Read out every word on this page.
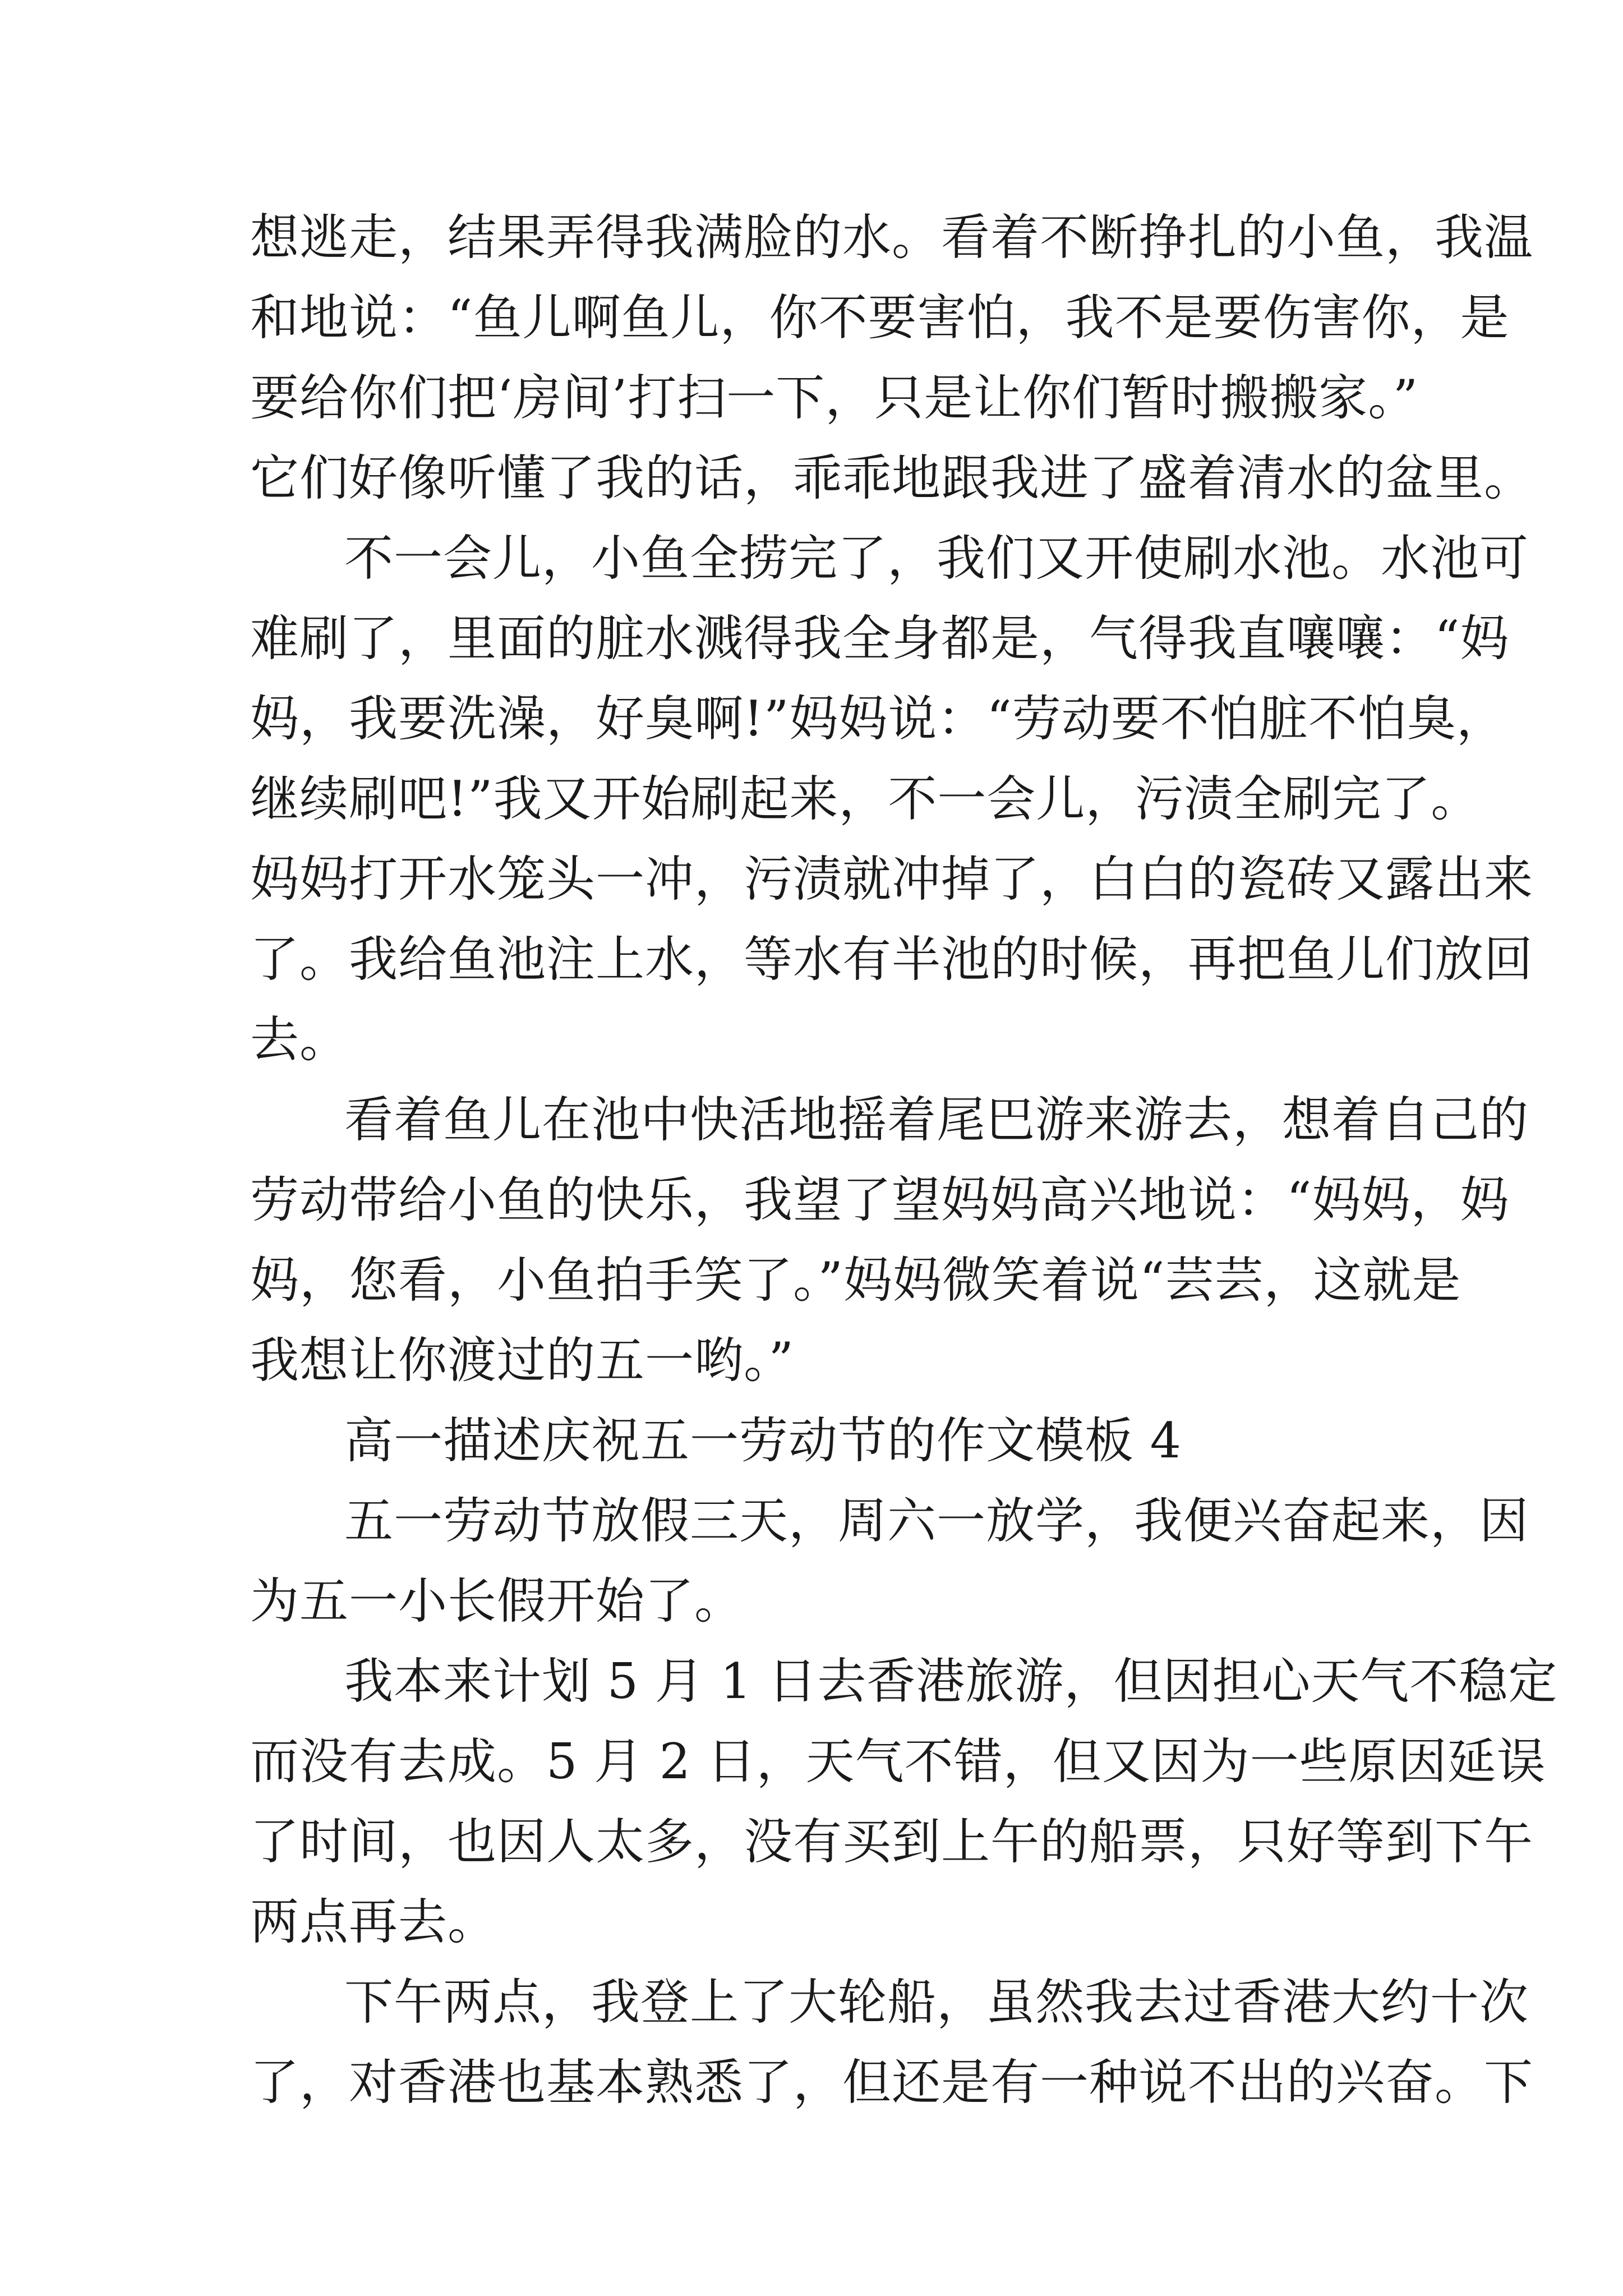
想逃走，结果弄得我满脸的水。看着不断挣扎的小鱼，我温
和地说：“鱼儿啊鱼儿，你不要害怕，我不是要伤害你，是
要给你们把‘房间’打扫一下，只是让你们暂时搬搬家。”
它们好像听懂了我的话，乖乖地跟我进了盛着清水的盆里。
不一会儿，小鱼全捞完了，我们又开使刷水池。水池可
难刷了，里面的脏水溅得我全身都是，气得我直嚷嚷：“妈
妈，我要洗澡，好臭啊!”妈妈说：“劳动要不怕脏不怕臭，
继续刷吧!”我又开始刷起来，不一会儿，污渍全刷完了。
妈妈打开水笼头一冲，污渍就冲掉了，白白的瓷砖又露出来
了。我给鱼池注上水，等水有半池的时候，再把鱼儿们放回
去。
看着鱼儿在池中快活地摇着尾巴游来游去，想着自己的
劳动带给小鱼的快乐，我望了望妈妈高兴地说：“妈妈，妈
妈，您看，小鱼拍手笑了。”妈妈微笑着说“芸芸，这就是
我想让你渡过的五一哟。”
高一描述庆祝五一劳动节的作文模板 4
五一劳动节放假三天，周六一放学，我便兴奋起来，因
为五一小长假开始了。
我本来计划 5 月 1 日去香港旅游，但因担心天气不稳定
而没有去成。5 月 2 日，天气不错，但又因为一些原因延误
了时间，也因人太多，没有买到上午的船票，只好等到下午
两点再去。
下午两点，我登上了大轮船，虽然我去过香港大约十次
了，对香港也基本熟悉了，但还是有一种说不出的兴奋。下
